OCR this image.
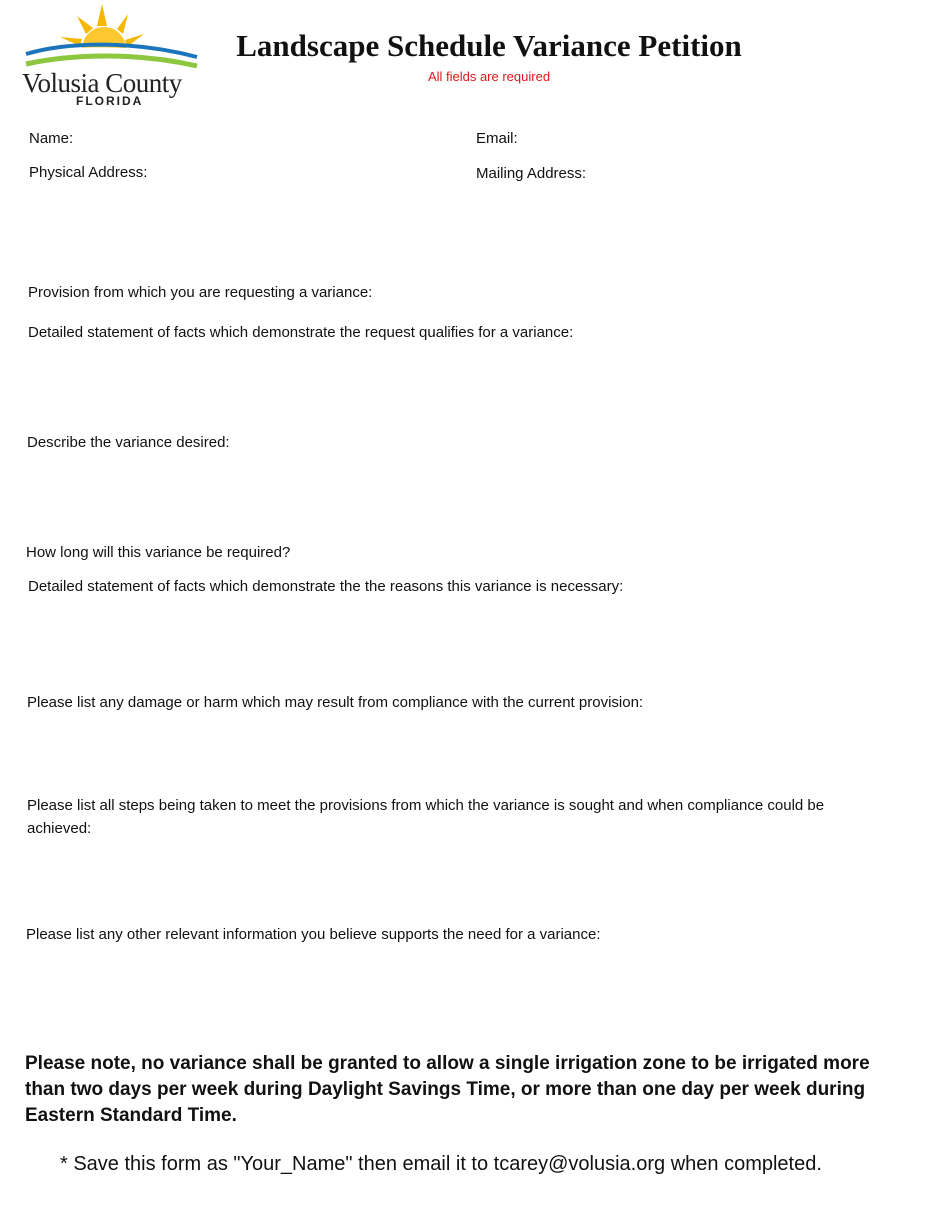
Volusia County
FLORIDA
Landscape Schedule Variance Petition
All fields are required
Name:	Email:
Physical Address:	Mailing Address:
Provision from which you are requesting a variance:
Detailed statement of facts which demonstrate the request qualifies for a variance:
Describe the variance desired:
How long will this variance be required?
Detailed statement of facts which demonstrate the the reasons this variance is necessary:
Please list any damage or harm which may result from compliance with the current provision:
Please list all steps being taken to meet the provisions from which the variance is sought and when compliance could be achieved:
Please list any other relevant information you believe supports the need for a variance:
Please note, no variance shall be granted to allow a single irrigation zone to be irrigated more than two days per week during Daylight Savings Time, or more than one day per week during Eastern Standard Time.
* Save this form as "Your_Name" then email it to tcarey@volusia.org when completed.
